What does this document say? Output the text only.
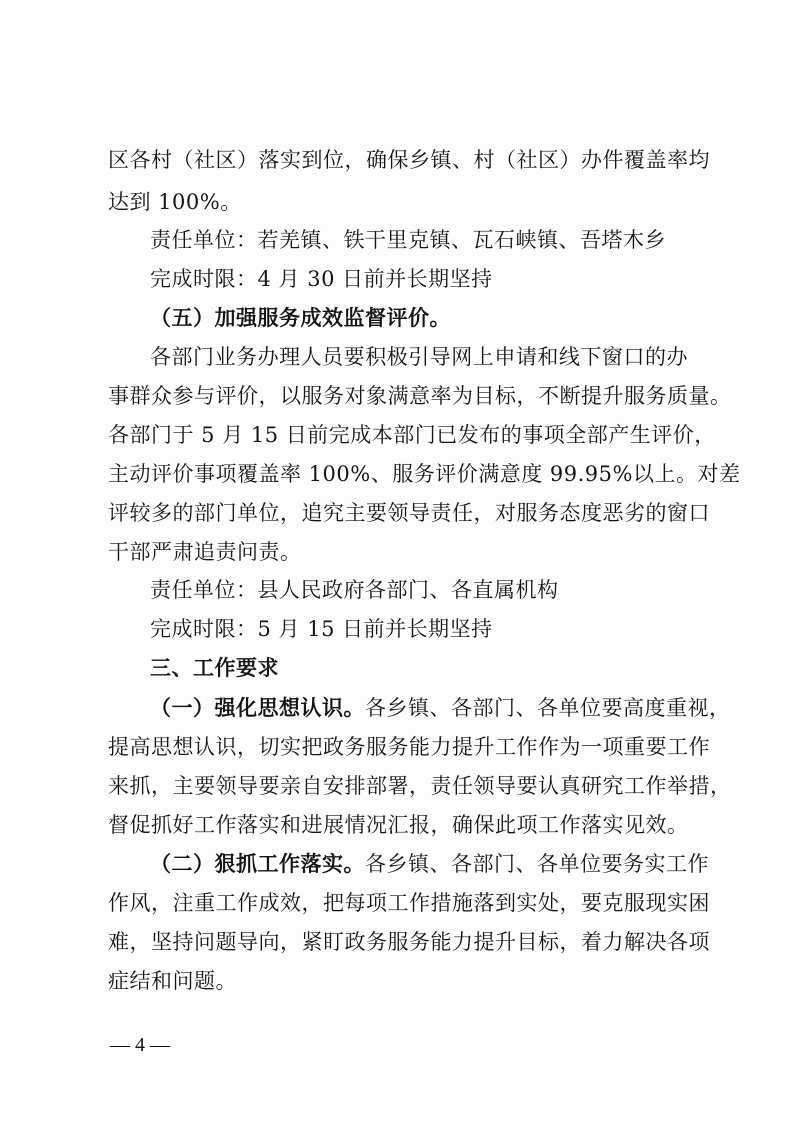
区各村（社区）落实到位，确保乡镇、村（社区）办件覆盖率均
达到 100%。
责任单位：若羌镇、铁干里克镇、瓦石峡镇、吾塔木乡
完成时限：4 月 30 日前并长期坚持
（五）加强服务成效监督评价。
各部门业务办理人员要积极引导网上申请和线下窗口的办
事群众参与评价，以服务对象满意率为目标，不断提升服务质量。
各部门于 5 月 15 日前完成本部门已发布的事项全部产生评价，
主动评价事项覆盖率 100%、服务评价满意度 99.95%以上。对差
评较多的部门单位，追究主要领导责任，对服务态度恶劣的窗口
干部严肃追责问责。
责任单位：县人民政府各部门、各直属机构
完成时限：5 月 15 日前并长期坚持
三、工作要求
（一）强化思想认识。各乡镇、各部门、各单位要高度重视，
提高思想认识，切实把政务服务能力提升工作作为一项重要工作
来抓，主要领导要亲自安排部署，责任领导要认真研究工作举措，
督促抓好工作落实和进展情况汇报，确保此项工作落实见效。
（二）狠抓工作落实。各乡镇、各部门、各单位要务实工作
作风，注重工作成效，把每项工作措施落到实处，要克服现实困
难，坚持问题导向，紧盯政务服务能力提升目标，着力解决各项
症结和问题。
— 4 —
